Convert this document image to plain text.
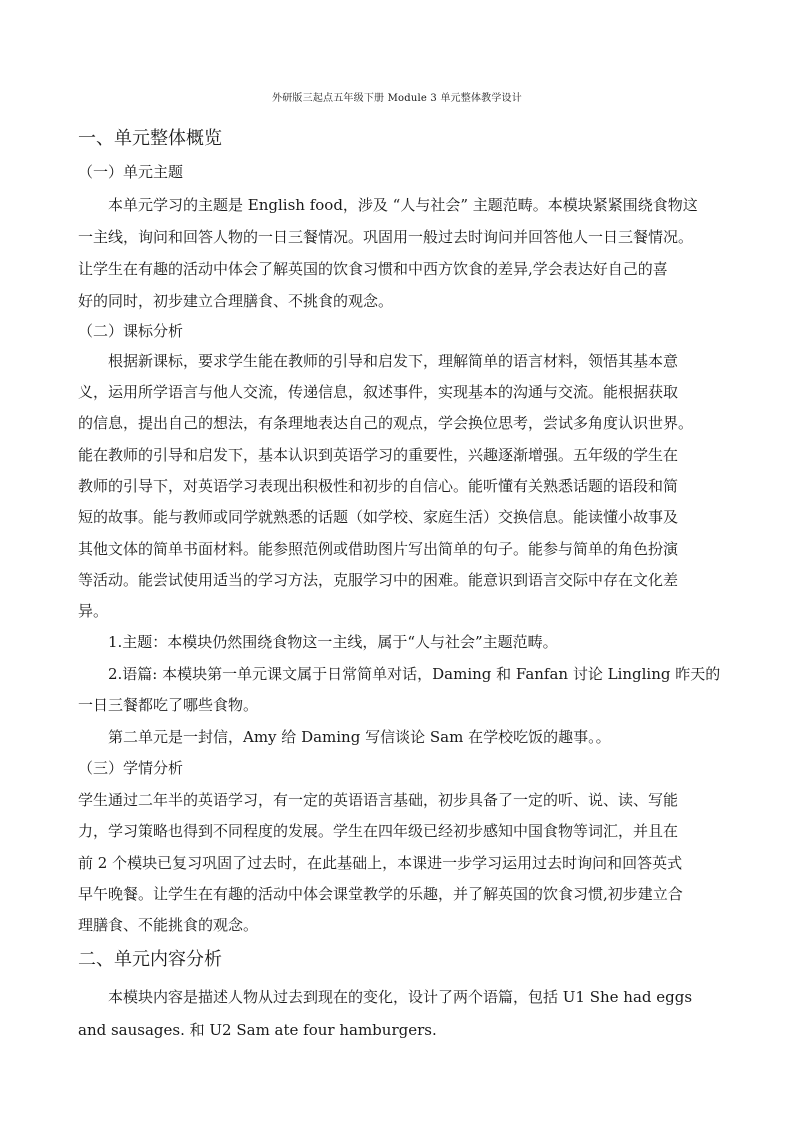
外研版三起点五年级下册 Module 3 单元整体教学设计
一、单元整体概览
（一）单元主题
本单元学习的主题是 English food，涉及 “人与社会” 主题范畴。本模块紧紧围绕食物这
一主线，询问和回答人物的一日三餐情况。巩固用一般过去时询问并回答他人一日三餐情况。
让学生在有趣的活动中体会了解英国的饮食习惯和中西方饮食的差异,学会表达好自己的喜
好的同时，初步建立合理膳食、不挑食的观念。
（二）课标分析
根据新课标，要求学生能在教师的引导和启发下，理解简单的语言材料，领悟其基本意
义，运用所学语言与他人交流，传递信息，叙述事件，实现基本的沟通与交流。能根据获取
的信息，提出自己的想法，有条理地表达自己的观点，学会换位思考，尝试多角度认识世界。
能在教师的引导和启发下，基本认识到英语学习的重要性，兴趣逐渐增强。五年级的学生在
教师的引导下，对英语学习表现出积极性和初步的自信心。能听懂有关熟悉话题的语段和简
短的故事。能与教师或同学就熟悉的话题（如学校、家庭生活）交换信息。能读懂小故事及
其他文体的简单书面材料。能参照范例或借助图片写出简单的句子。能参与简单的角色扮演
等活动。能尝试使用适当的学习方法，克服学习中的困难。能意识到语言交际中存在文化差
异。
1.主题：本模块仍然围绕食物这一主线，属于“人与社会”主题范畴。
2.语篇: 本模块第一单元课文属于日常简单对话，Daming 和 Fanfan 讨论 Lingling 昨天的
一日三餐都吃了哪些食物。
第二单元是一封信，Amy 给 Daming 写信谈论 Sam 在学校吃饭的趣事。。
（三）学情分析
学生通过二年半的英语学习，有一定的英语语言基础，初步具备了一定的听、说、读、写能
力，学习策略也得到不同程度的发展。学生在四年级已经初步感知中国食物等词汇，并且在
前 2 个模块已复习巩固了过去时，在此基础上，本课进一步学习运用过去时询问和回答英式
早午晚餐。让学生在有趣的活动中体会课堂教学的乐趣，并了解英国的饮食习惯,初步建立合
理膳食、不能挑食的观念。
二、单元内容分析
本模块内容是描述人物从过去到现在的变化，设计了两个语篇，包括 U1 She had eggs
and sausages. 和 U2 Sam ate four hamburgers.
